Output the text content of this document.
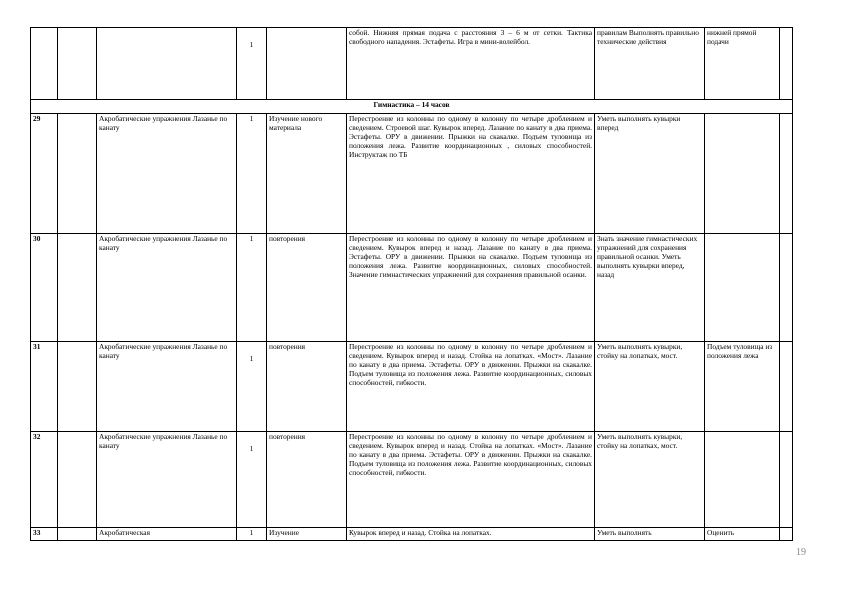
			1		собой. Нижняя прямая подача с расстояния 3 – 6 м от сетки. Тактика свободного нападения. Эстафеты. Игра в мини-волейбол.	правилам Выполнять правильно технические действия	нижней прямой подачи	
Гимнастика – 14 часов								
29		Акробатические упражнения Лазанье по канату	1	Изучение нового материала	Перестроение из колонны по одному в колонну по четыре дроблением и сведением. Строевой шаг. Кувырок вперед. Лазание по канату в два приема. Эстафеты. ОРУ в движении. Прыжки на скакалке. Подъем туловища из положения лежа. Развитие координационных , силовых способностей. Инструктаж по ТБ	Уметь выполнять кувырки вперед		
30		Акробатические упражнения Лазанье по канату	1	повторения	Перестроение из колонны по одному в колонну по четыре дроблением и сведением. Кувырок вперед и назад. Лазание по канату в два приема. Эстафеты. ОРУ в движении. Прыжки на скакалке. Подъем туловища из положения лежа. Развитие координационных, силовых способностей. Значение гимнастических упражнений для сохранения правильной осанки.	Знать значение гимнастических упражнений для сохранения правильной осанки. Уметь выполнять кувырки вперед, назад		
31		Акробатические упражнения Лазанье по канату	1	повторения	Перестроение из колонны по одному в колонну по четыре дроблением и сведением. Кувырок вперед и назад. Стойка на лопатках. «Мост». Лазание по канату в два приема. Эстафеты. ОРУ в движении. Прыжки на скакалке. Подъем туловища из положения лежа. Развитие координационных, силовых способностей, гибкости.	Уметь выполнять кувырки, стойку на лопатках, мост.	Подъем туловища из положения лежа	
32		Акробатические упражнения Лазанье по канату	1	повторения	Перестроение из колонны по одному в колонну по четыре дроблением и сведением. Кувырок вперед и назад. Стойка на лопатках. «Мост». Лазание по канату в два приема. Эстафеты. ОРУ в движении. Прыжки на скакалке. Подъем туловища из положения лежа. Развитие координационных, силовых способностей, гибкости.	Уметь выполнять кувырки, стойку на лопатках, мост.		
33		Акробатическая	1	Изучение	Кувырок вперед и назад. Стойка на лопатках.	Уметь выполнять	Оценить	
19
